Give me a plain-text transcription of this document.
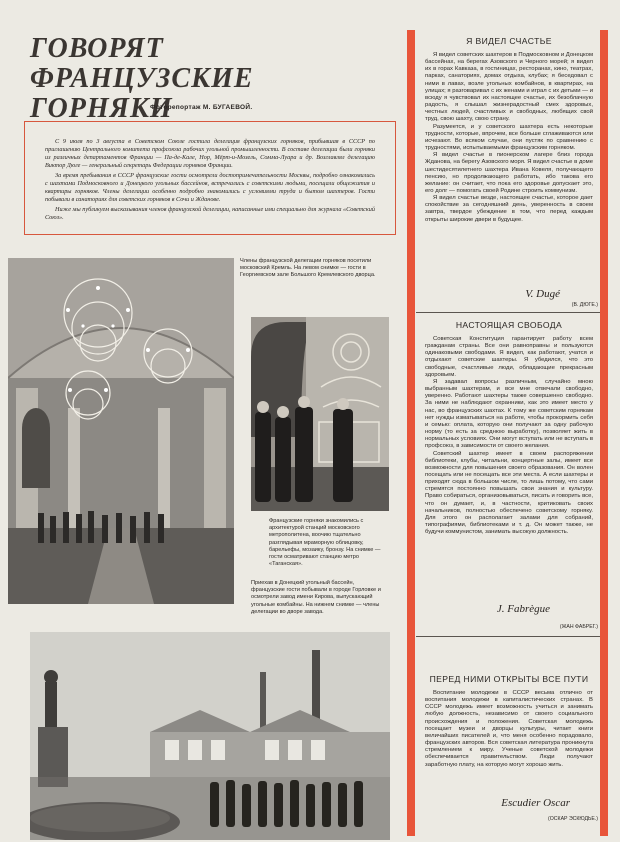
ГОВОРЯТ
ФРАНЦУЗСКИЕ ГОРНЯКИ
Фоторепортаж М. БУГАЕВОЙ.

С 9 июля по 3 августа в Советском Союзе гостила делегация французских горняков, прибывшая в СССР по приглашению Центрального комитета профсоюза рабочих угольной промышленности. В составе делегации были горняки из различных департаментов Франции — Па-де-Кале, Нор, Мёрт-и-Мозель, Сомма-Луара и др. Возглавлял делегацию Виктор Дюге — генеральный секретарь Федерации горняков Франции.

За время пребывания в СССР французские гости осмотрели достопримечательности Москвы, подробно ознакомились с шахтами Подмосковного и Донецкого угольных бассейнов, встречались с советскими людьми, посещали общежития и квартиры горняков. Члены делегации особенно подробно знакомились с условиями труда и бытом шахтеров. Гости побывали в санаториях для советских горняков в Сочи и Жданове.

Ниже мы публикуем высказывания членов французской делегации, написанные ими специально для журнала «Советский Союз».

Члены французской делегации горняков посетили московский Кремль. На левом снимке — гости в Георгиевском зале Большого Кремлевского дворца.
Французские горняки знакомились с архитектурой станций московского метрополитена, воочию тщательно разглядывая мраморную облицовку, барельефы, мозаику, бронзу. На снимке — гости осматривают станцию метро «Таганская».
Приехав в Донецкий угольный бассейн, французские гости побывали в городе Горловке и осмотрели завод имени Кирова, выпускающий угольные комбайны. На нижнем снимке — члены делегации во дворе завода.
Я ВИДЕЛ СЧАСТЬЕ

Я видел советских шахтеров в Подмосковном и Донецком бассейнах, на берегах Азовского и Черного морей; я видел их в горах Кавказа, в гостиницах, ресторанах, кино, театрах, парках, санаториях, домах отдыха, клубах; я беседовал с ними в лавах, возле угольных комбайнов, в квартирах, на улицах; я разговаривал с их женами и играл с их детьми — и всюду я чувствовал их настоящее счастье, их безоблачную радость, я слышал жизнерадостный смех здоровых, честных людей, счастливых и свободных, любящих свой труд, свою шахту, свою страну.

Разумеется, и у советского шахтера есть некоторые трудности, которые, впрочем, все больше сглаживаются или исчезают. Во всяком случае, они пустяк по сравнению с трудностями, испытываемыми французским горняком.

Я видел счастье в пионерском лагере близ города Жданова, на берегу Азовского моря. Я видел счастье в доме шестидесятилетнего шахтера Ивана Ковеля, получающего пенсию, но продолжающего работать, ибо такова его желание: он считает, что пока его здоровье допускает это, его долг — помогать своей Родине строить коммунизм.

Я видел счастье везде, настоящее счастье, которое дает спокойствие за сегодняшний день, уверенность в своем завтра, твердое убеждение в том, что перед каждым открыты широкие двери в будущее.

V. Dugé
(В. ДЮГЕ.)
НАСТОЯЩАЯ СВОБОДА

Советская Конституция гарантирует работу всем гражданам страны. Все они равноправны и пользуются одинаковыми свободами. Я видел, как работают, учатся и отдыхают советские шахтеры. Я убедился, что это свободные, счастливые люди, обладающие прекрасным здоровьем.

Я задавал вопросы различным, случайно мною выбранным шахтерам, и все мне отвечали свободно, уверенно. Работают шахтеры также совершенно свободно. За ними не наблюдают охранники, как это имеет место у нас, во французских шахтах. К тому же советским горнякам нет нужды изматываться на работе, чтобы прокормить себя и семью: оплата, которую они получают за одну рабочую норму (то есть за среднюю выработку), позволяет жить в нормальных условиях. Они могут вступать или не вступать в профсоюз, в зависимости от своего желания.

Советский шахтер имеет в своем распоряжении библиотеки, клубы, читальни, концертные залы, имеет все возможности для повышения своего образования. Он волен посещать или не посещать все эти места. А если шахтеры и приходят сюда в большом числе, то лишь потому, что сами стремятся постоянно повышать свои знания и культуру. Право собираться, организовываться, писать и говорить все, что он думает, и, в частности, критиковать своих начальников, полностью обеспечено советскому горняку. Для этого он располагает залами для собраний, типографиями, библиотеками и т. д. Он может также, не будучи коммунистом, занимать высокую должность.

J. Fabrègue
(ЖАН ФАБРЕГ.)
ПЕРЕД НИМИ ОТКРЫТЫ ВСЕ ПУТИ

Воспитание молодежи в СССР весьма отлично от воспитания молодежи в капиталистических странах. В СССР молодежь имеет возможность учиться и занимать любую должность, независимо от своего социального происхождения и положения. Советская молодежь посещает музеи и дворцы культуры, читает книги величайших писателей и, что меня особенно порадовало, французских авторов. Вся советская литература проникнута стремлением к миру. Ученые советской молодежи обеспечивается правительством. Люди получают заработную плату, на которую могут хорошо жить.

Escudier Oscar
(ОСКАР ЭСКЮДЬЕ.)
